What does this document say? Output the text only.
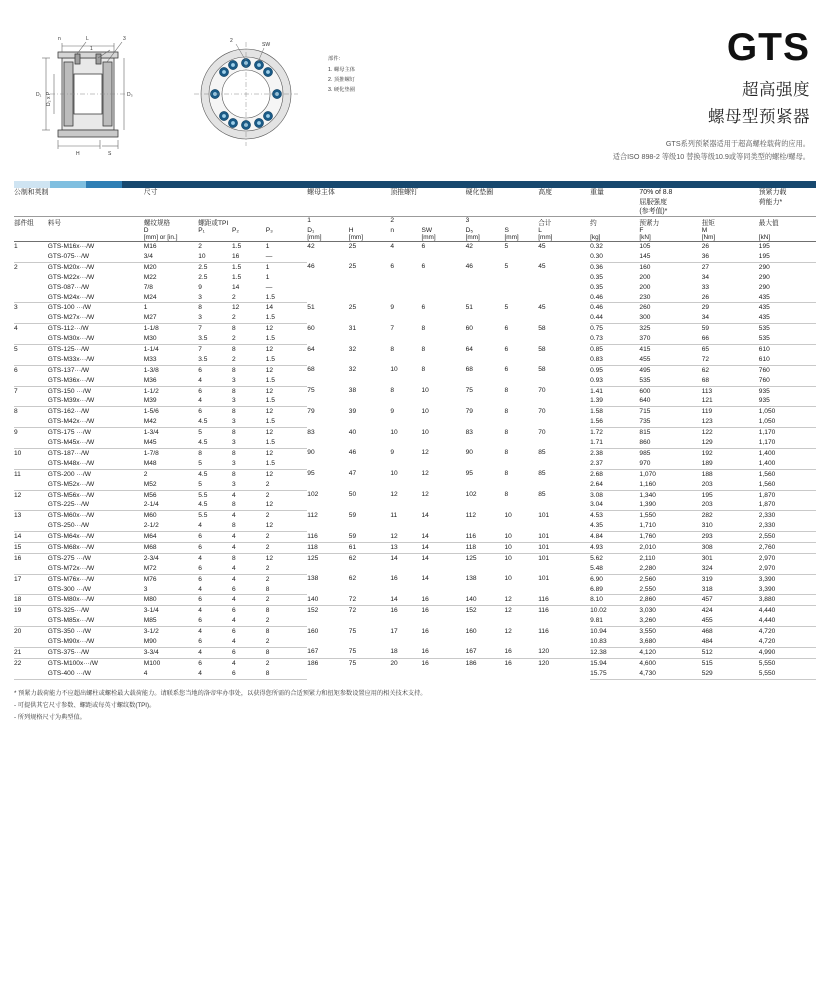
n	L
1
3
D₁ D₂ x P	D₃
H	S
2
SW
部件:
1. 螺母主体
2. 顶推螺钉
3. 硬化垫圈
GTS
超高强度
螺母型预紧器
GTS系列预紧器适用于超高螺栓载荷的应用。
适合ISO 898-2 等级10 替换等级10.9或等同类型的螺栓/螺母。
公制和英制		尺寸				螺母主体		顶推螺钉		硬化垫圈		高度	重量	70% of 8.8		预紧力载
														屈服强度		荷能力*
														(参考值)*		
部件组	料号	螺纹规格	螺距或TPI			1		2		3		合计	约	预紧力	扭矩	最大值
		D	P₁	P₂	P₃	D₁	H	n	SW	D₅	S	L		F	M	
		[mm] or [in.]				[mm]	[mm]		[mm]	[mm]	[mm]	[mm]	[kg]	[kN]	[Nm]	[kN]
1	GTS-M16x···/W	M16	2	1.5	1	42	25	4	6	42	5	45	0.32	105	26	195
	GTS-075···/W	3/4	10	16	—								0.30	145	36	195
2	GTS-M20x···/W	M20	2.5	1.5	1	46	25	6	6	46	5	45	0.36	160	27	290
	GTS-M22x···/W	M22	2.5	1.5	1								0.35	200	34	290
	GTS-087···/W	7/8	9	14	—								0.35	200	33	290
	GTS-M24x···/W	M24	3	2	1.5								0.46	230	26	435
3	GTS-100 ···/W	1	8	12	14	51	25	9	6	51	5	45	0.46	260	29	435
	GTS-M27x···/W	M27	3	2	1.5								0.44	300	34	435
4	GTS-112···/W	1-1/8	7	8	12	60	31	7	8	60	6	58	0.75	325	59	535
	GTS-M30x···/W	M30	3.5	2	1.5								0.73	370	66	535
5	GTS-125···/W	1-1/4	7	8	12	64	32	8	8	64	6	58	0.85	415	65	610
	GTS-M33x···/W	M33	3.5	2	1.5								0.83	455	72	610
6	GTS-137···/W	1-3/8	6	8	12	68	32	10	8	68	6	58	0.95	495	62	760
	GTS-M36x···/W	M36	4	3	1.5								0.93	535	68	760
7	GTS-150 ···/W	1-1/2	6	8	12	75	38	8	10	75	8	70	1.41	600	113	935
	GTS-M39x···/W	M39	4	3	1.5								1.39	640	121	935
8	GTS-162···/W	1-5/6	6	8	12	79	39	9	10	79	8	70	1.58	715	119	1,050
	GTS-M42x···/W	M42	4.5	3	1.5								1.56	735	123	1,050
9	GTS-175 ···/W	1-3/4	5	8	12	83	40	10	10	83	8	70	1.72	815	122	1,170
	GTS-M45x···/W	M45	4.5	3	1.5								1.71	860	129	1,170
10	GTS-187···/W	1-7/8	8	8	12	90	46	9	12	90	8	85	2.38	985	192	1,400
	GTS-M48x···/W	M48	5	3	1.5								2.37	970	189	1,400
11	GTS-200 ···/W	2	4.5	8	12	95	47	10	12	95	8	85	2.68	1,070	188	1,560
	GTS-M52x···/W	M52	5	3	2								2.64	1,160	203	1,560
12	GTS-M56x···/W	M56	5.5	4	2	102	50	12	12	102	8	85	3.08	1,340	195	1,870
	GTS-225···/W	2-1/4	4.5	8	12								3.04	1,390	203	1,870
13	GTS-M60x···/W	M60	5.5	4	2	112	59	11	14	112	10	101	4.53	1,550	282	2,330
	GTS-250···/W	2-1/2	4	8	12								4.35	1,710	310	2,330
14	GTS-M64x···/W	M64	6	4	2	116	59	12	14	116	10	101	4.84	1,760	293	2,550
15	GTS-M68x···/W	M68	6	4	2	118	61	13	14	118	10	101	4.93	2,010	308	2,760
16	GTS-275 ···/W	2-3/4	4	8	12	125	62	14	14	125	10	101	5.62	2,110	301	2,970
	GTS-M72x···/W	M72	6	4	2								5.48	2,280	324	2,970
17	GTS-M76x···/W	M76	6	4	2	138	62	16	14	138	10	101	6.90	2,560	319	3,390
	GTS-300 ···/W	3	4	6	8								6.89	2,550	318	3,390
18	GTS-M80x···/W	M80	6	4	2	140	72	14	16	140	12	116	8.10	2,860	457	3,880
19	GTS-325···/W	3-1/4	4	6	8	152	72	16	16	152	12	116	10.02	3,030	424	4,440
	GTS-M85x···/W	M85	6	4	2								9.81	3,260	455	4,440
20	GTS-350 ···/W	3-1/2	4	6	8	160	75	17	16	160	12	116	10.94	3,550	468	4,720
	GTS-M90x···/W	M90	6	4	2								10.83	3,680	484	4,720
21	GTS-375···/W	3-3/4	4	6	8	167	75	18	16	167	16	120	12.38	4,120	512	4,990
22	GTS-M100x···/W	M100	6	4	2	186	75	20	16	186	16	120	15.94	4,600	515	5,550
	GTS-400 ···/W	4	4	6	8								15.75	4,730	529	5,550
* 预紧力载荷能力不应超出螺柱或螺栓最大载荷能力。请联系您当地的洛帝牢办事处，以获得您所需的合适预紧力和扭矩参数设置应用的相关技术支持。
- 可提供其它尺寸参数、螺距或每英寸螺纹数(TPI)。
- 所列规格尺寸为典型值。
